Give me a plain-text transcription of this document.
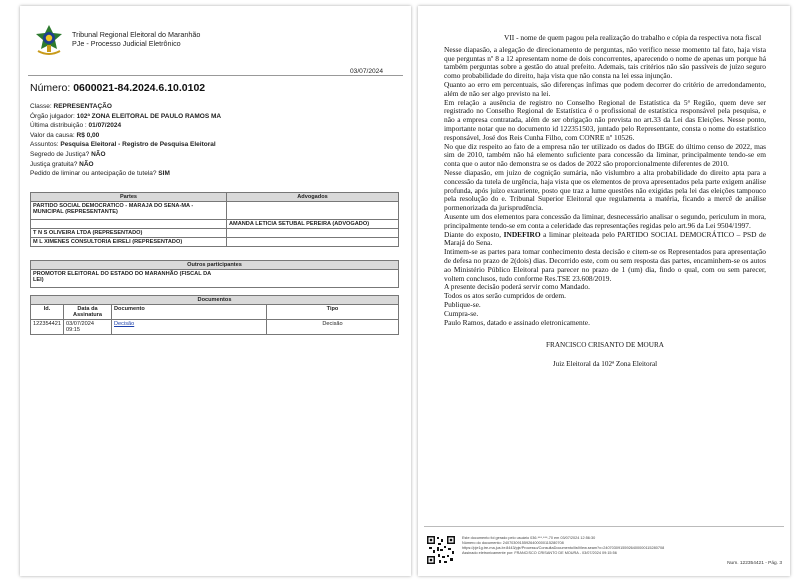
Tribunal Regional Eleitoral do Maranhão
PJe - Processo Judicial Eletrônico
03/07/2024
Número: 0600021-84.2024.6.10.0102
Classe: REPRESENTAÇÃO
Órgão julgador: 102ª ZONA ELEITORAL DE PAULO RAMOS MA
Última distribuição : 01/07/2024
Valor da causa: R$ 0,00
Assuntos: Pesquisa Eleitoral - Registro de Pesquisa Eleitoral
Segredo de Justiça? NÃO
Justiça gratuita? NÃO
Pedido de liminar ou antecipação de tutela? SIM
Partes	Advogados
PARTIDO SOCIAL DEMOCRATICO - MARAJA DO SENA-MA - MUNICIPAL (REPRESENTANTE)	
	AMANDA LETICIA SETUBAL PEREIRA (ADVOGADO)
T N S OLIVEIRA LTDA (REPRESENTADO)	
M L XIMENES CONSULTORIA EIRELI (REPRESENTADO)	
Outros participantes

PROMOTOR ELEITORAL DO ESTADO DO MARANHÃO (FISCAL DA LEI)
Documentos			
Id.	Data da Assinatura	Documento	Tipo
122354421	03/07/2024 09:15	Decisão	Decisão

VII - nome de quem pagou pela realização do trabalho e cópia da respectiva nota fiscal

Nesse diapasão, a alegação de direcionamento de perguntas, não verifico nesse momento tal fato, haja vista que perguntas nº 8 a 12 apresentam nome de dois concorrentes, aparecendo o nome de apenas um porque há também perguntas sobre a gestão do atual prefeito. Ademais, tais critérios não são passíveis de juízo seguro como probabilidade do direito, haja vista que não consta na lei essa injunção.

Quanto ao erro em percentuais, são diferenças ínfimas que podem decorrer do critério de arredondamento, além de não ser algo previsto na lei.

Em relação a ausência de registro no Conselho Regional de Estatística da 5ª Região, quem deve ser registrado no Conselho Regional de Estatística é o profissional de estatística responsável pela pesquisa, e não a empresa contratada, além de ser obrigação não prevista no art.33 da Lei das Eleições. Nesse ponto, importante notar que no documento id 122351503, juntado pelo Representante, consta o nome do estatístico responsável, José dos Reis Cunha Filho, com CONRE nº 10526.

No que diz respeito ao fato de a empresa não ter utilizado os dados do IBGE do último censo de 2022, mas sim de 2010, também não há elemento suficiente para concessão da liminar, principalmente tendo-se em conta que o autor não demonstra se os dados de 2022 são proporcionalmente diferentes de 2010.

Nesse diapasão, em juízo de cognição sumária, não vislumbro a alta probabilidade do direito apta para a concessão da tutela de urgência, haja vista que os elementos de prova apresentados pela parte exigem análise profunda, após juízo exauriente, posto que traz a lume questões não exigidas pela lei das eleições tampouco pela resolução do e. Tribunal Superior Eleitoral que regulamenta a matéria, ficando a mercê de análise pormenorizada da jurisprudência.

Ausente um dos elementos para concessão da liminar, desnecessário analisar o segundo, periculum in mora, principalmente tendo-se em conta a celeridade das representações regidas pelo art.96 da Lei 9504/1997.

Diante do exposto, INDEFIRO a liminar pleiteada pelo PARTIDO SOCIAL DEMOCRÁTICO – PSD de Marajá do Sena.

Intimem-se as partes para tomar conhecimento desta decisão e citem-se os Representados para apresentação de defesa no prazo de 2(dois) dias. Decorrido este, com ou sem resposta das partes, encaminhem-se os autos ao Ministério Público Eleitoral para parecer no prazo de 1 (um) dia, findo o qual, com ou sem parecer, voltem conclusos, tudo conforme Res.TSE 23.608/2019.

A presente decisão poderá servir como Mandado.

Todos os atos serão cumpridos de ordem.

Publique-se.

Cumpra-se.

Paulo Ramos, datado e assinado eletronicamente.

FRANCISCO CRISANTO DE MOURA
Juiz Eleitoral da 102ª Zona Eleitoral
Este documento foi gerado pelo usuário 036.***.***-70 em 03/07/2024 12:56:30
Número do documento: 24070309155926400000115280708
https://pje1g.tre-ma.jus.br:8443/pje/Processo/ConsultaDocumento/listView.seam?x=24070309155926400000115280708
Assinado eletronicamente por: FRANCISCO CRISANTO DE MOURA - 03/07/2024 09:15:56
Num. 122354421 - Pág. 3
